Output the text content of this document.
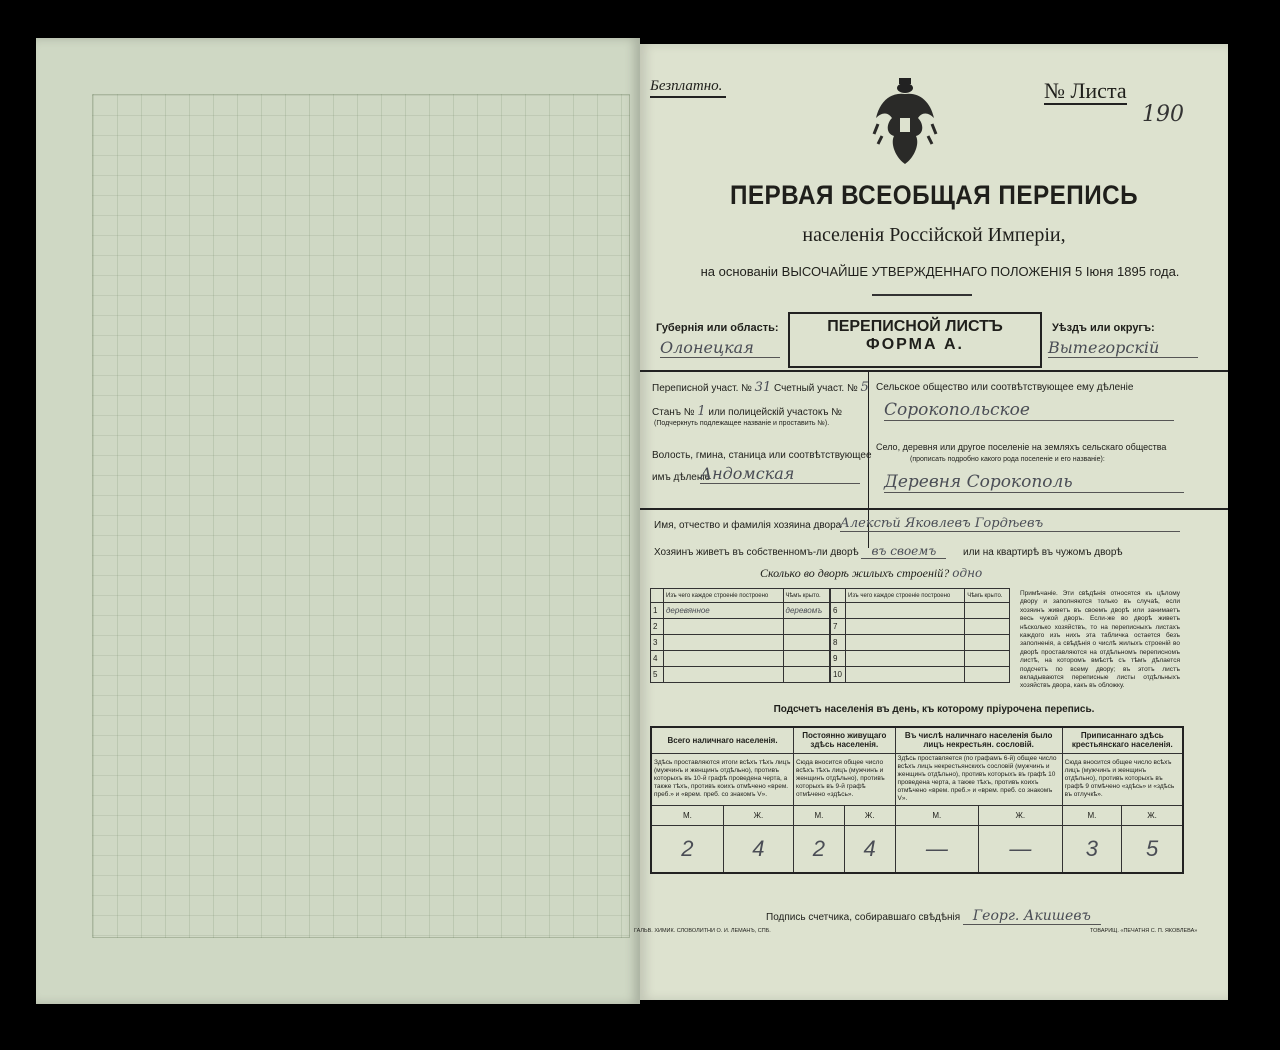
Безплатно.	№ Листа
190
ПЕРВАЯ ВСЕОБЩАЯ ПЕРЕПИСЬ
населенія Россійской Имперіи,
на основаніи ВЫСОЧАЙШЕ УТВЕРЖДЕННАГО ПОЛОЖЕНІЯ 5 Іюня 1895 года.
Губернія или область:
Олонецкая
ПЕРЕПИСНОЙ ЛИСТЪ
ФОРМА А.
Уѣздъ или округъ:
Вытегорскій
Переписной участ. № 31 Счетный участ. № 5
Станъ № 1 или полицейскій участокъ №
(Подчеркнуть подлежащее названіе и проставить №).
Волость, гмина, станица или соотвѣтствующее
имъ дѣленіе
Андомская
Сельское общество или соотвѣтствующее ему дѣленіе
Сорокопольское
Село, деревня или другое поселеніе на земляхъ сельскаго общества
(прописать подробно какого рода поселеніе и его названіе):
Деревня Сорокополь
Имя, отчество и фамилія хозяина двора
Алексѣй Яковлевъ Гордѣевъ
Хозяинъ живетъ въ собственномъ-ли дворѣ въ своемъ	или на квартирѣ въ чужомъ дворѣ
Сколько во дворѣ жилыхъ строеній? одно
	Изъ чего каждое строеніе построено	Чѣмъ крыто.
1	деревянное	деревомъ
2		
3		
4		
5		
	Изъ чего каждое строеніе построено	Чѣмъ крыто.
6		
7		
8		
9		
10		
Примѣчаніе. Эти свѣдѣнія относятся къ цѣлому двору и заполняются только въ случаѣ, если хозяинъ живетъ въ своемъ дворѣ или занимаетъ весь чужой дворъ. Если-же во дворѣ живетъ нѣсколько хозяйствъ, то на переписныхъ листахъ каждого изъ нихъ эта табличка остается безъ заполненія, а свѣдѣнія о числѣ жилыхъ строеній во дворѣ проставляются на отдѣльномъ переписномъ листѣ, на которомъ вмѣстѣ съ тѣмъ дѣлается подсчетъ по всему двору; въ этотъ листъ вкладываются переписные листы отдѣльныхъ хозяйствъ двора, какъ въ обложку.
Подсчетъ населенія въ день, къ которому пріурочена перепись.
Всего наличнаго населенія.		Постоянно живущаго здѣсь населенія.		Въ числѣ наличнаго населенія было лицъ некрестьян. сословій.		Приписаннаго здѣсь крестьянскаго населенія.	
Здѣсь проставляются итоги всѣхъ тѣхъ лицъ (мужчинъ и женщинъ отдѣльно), противъ которыхъ въ 10-й графѣ проведена черта, а также тѣхъ, противъ коихъ отмѣчено «врем. преб.» и «врем. преб. со знакомъ V».		Сюда вносится общее число всѣхъ тѣхъ лицъ (мужчинъ и женщинъ отдѣльно), противъ которыхъ въ 9-й графѣ отмѣчено «здѣсь».		Здѣсь проставляется (по графамъ 6-й) общее число всѣхъ лицъ некрестьянскихъ сословій (мужчинъ и женщинъ отдѣльно), противъ которыхъ въ графѣ 10 проведена черта, а также тѣхъ, противъ коихъ отмѣчено «врем. преб.» и «врем. преб. со знакомъ V».		Сюда вносится общее число всѣхъ лицъ (мужчинъ и женщинъ отдѣльно), противъ которыхъ въ графѣ 9 отмѣчено «здѣсь» и «здѣсь въ отлучкѣ».	
М.	Ж.	М.	Ж.	М.	Ж.	М.	Ж.
2	4	2	4	—	—	3	5
Подпись счетчика, собиравшаго свѣдѣнія Георг. Акишевъ
ГАЛЬВ. ХИМИК. СЛОВОЛИТНИ О. И. ЛЕМАНЪ, СПБ.	ТОВАРИЩ. «ПЕЧАТНЯ С. П. ЯКОВЛЕВА»
